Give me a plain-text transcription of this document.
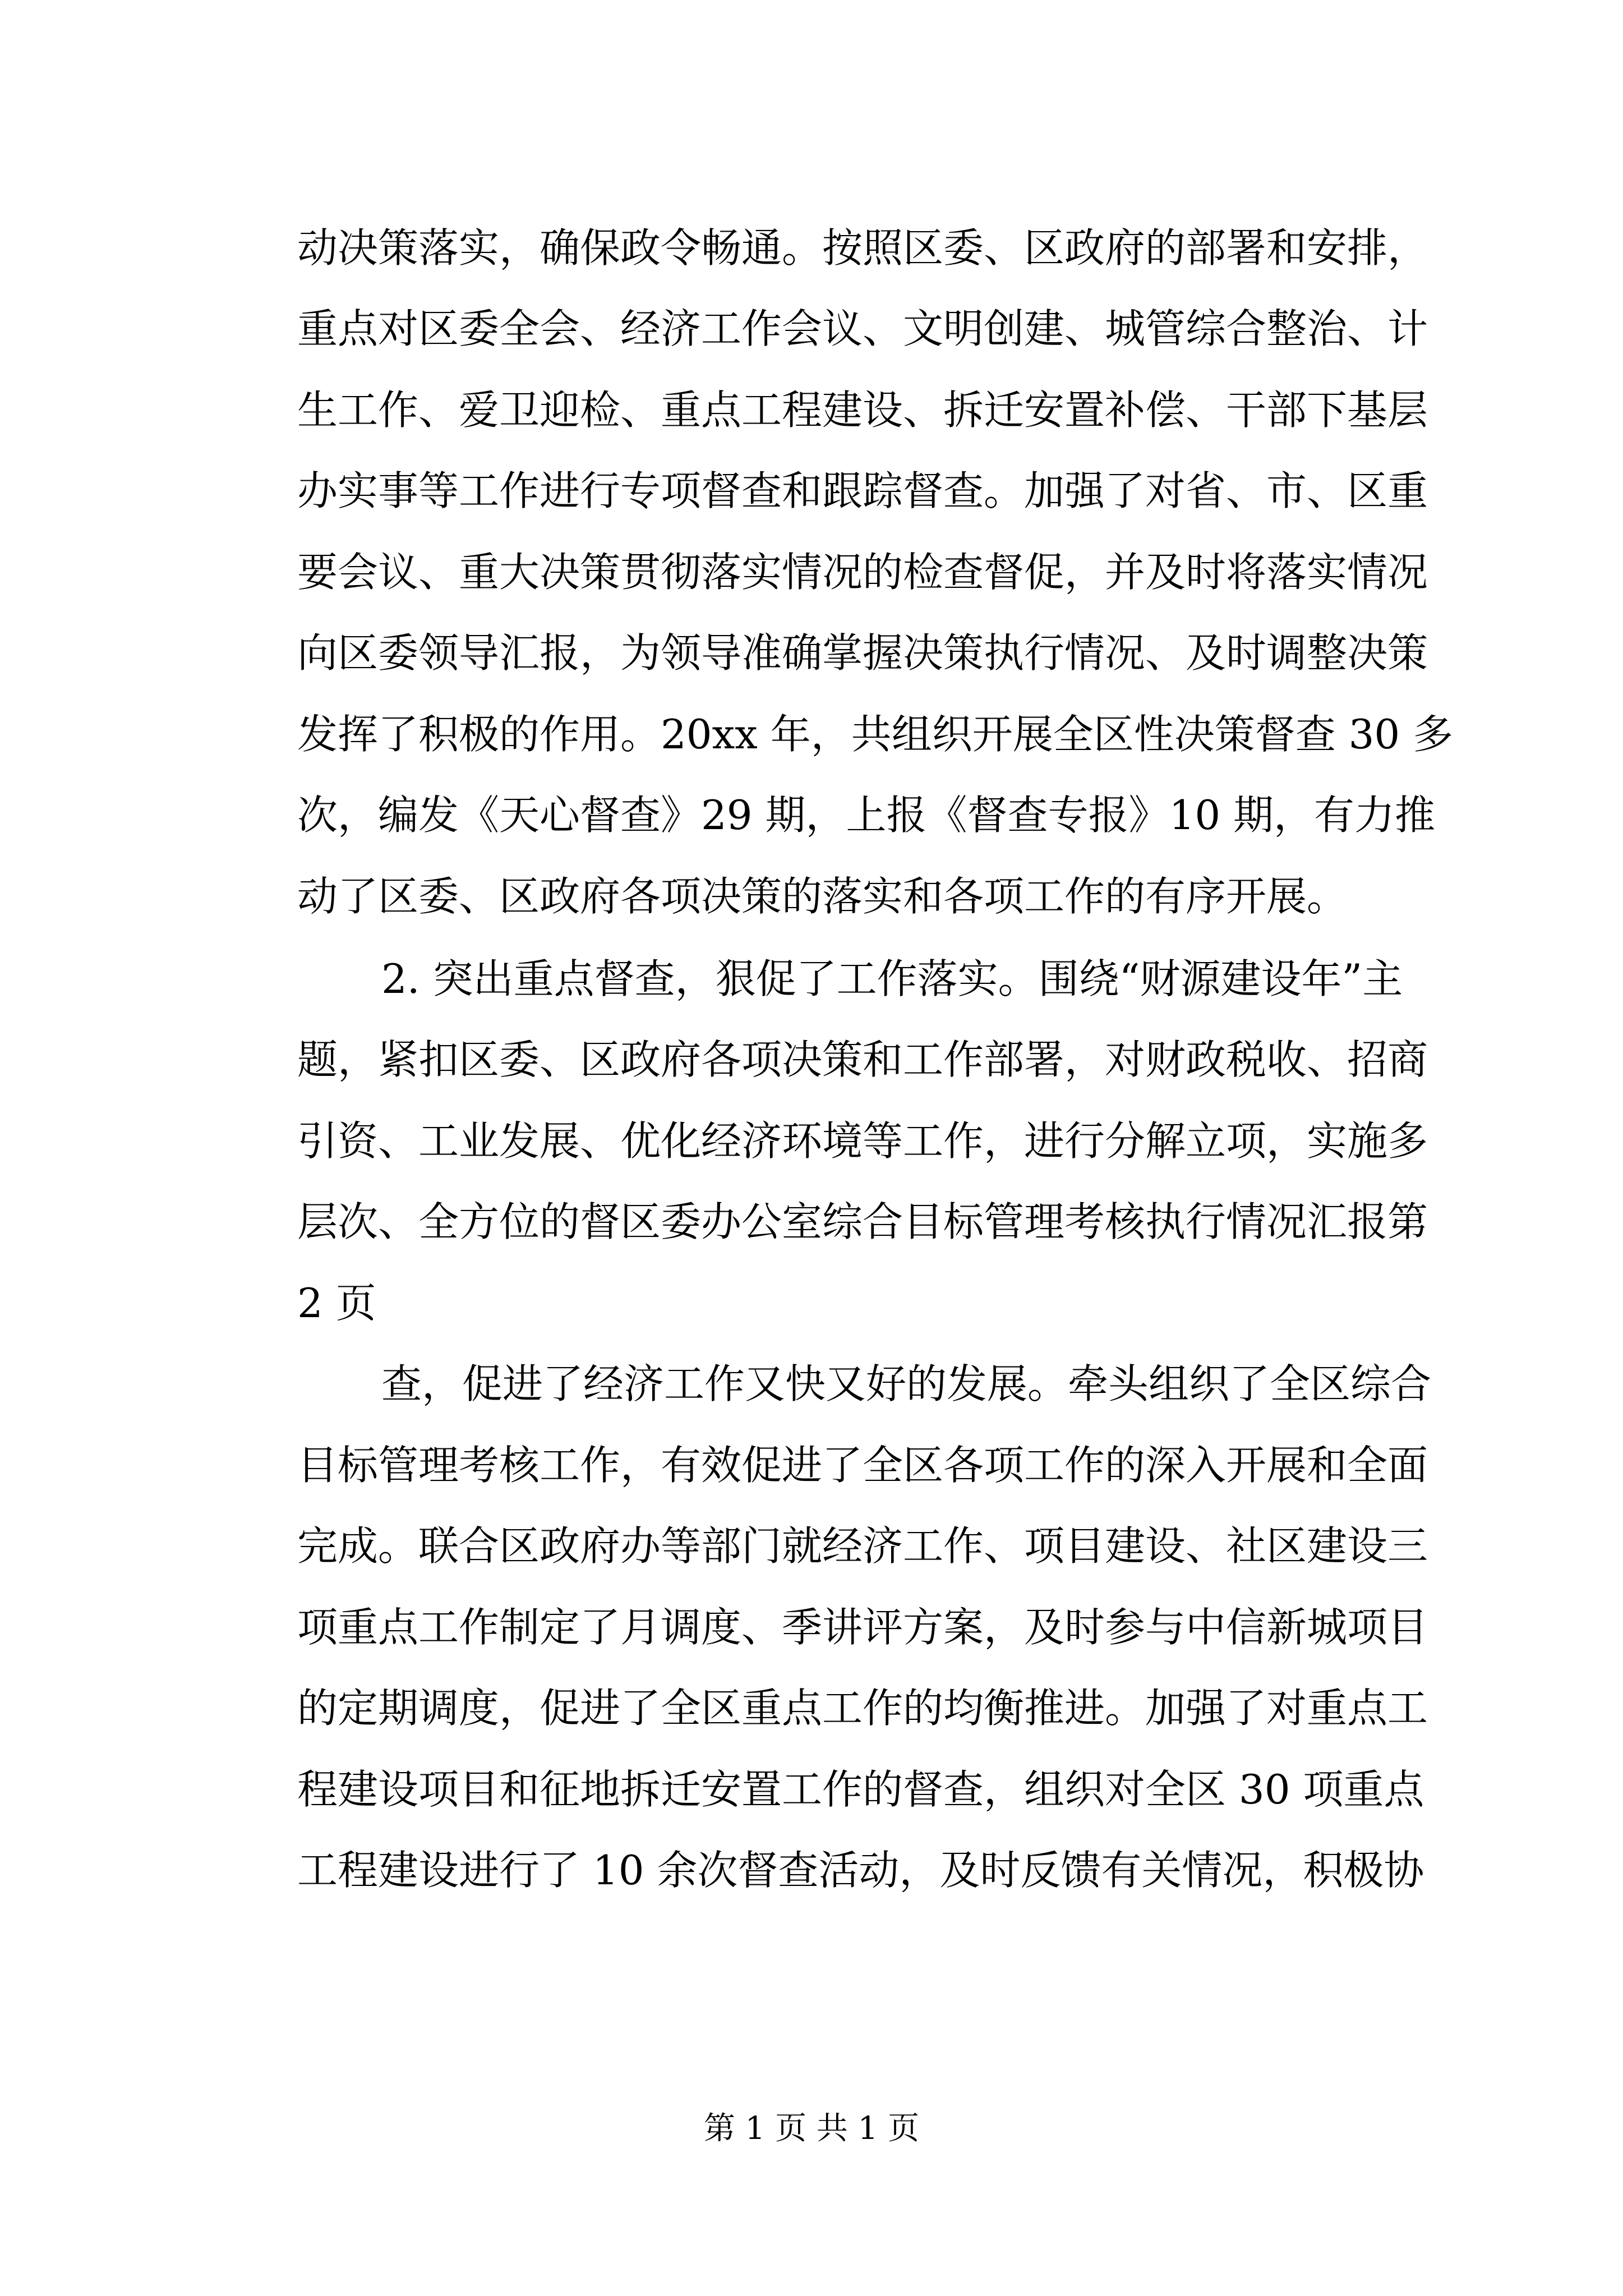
动决策落实，确保政令畅通。按照区委、区政府的部署和安排，
重点对区委全会、经济工作会议、文明创建、城管综合整治、计
生工作、爱卫迎检、重点工程建设、拆迁安置补偿、干部下基层
办实事等工作进行专项督查和跟踪督查。加强了对省、市、区重
要会议、重大决策贯彻落实情况的检查督促，并及时将落实情况
向区委领导汇报，为领导准确掌握决策执行情况、及时调整决策
发挥了积极的作用。20xx 年，共组织开展全区性决策督查 30 多
次，编发《天心督查》29 期，上报《督查专报》10 期，有力推
动了区委、区政府各项决策的落实和各项工作的有序开展。
2. 突出重点督查，狠促了工作落实。围绕“财源建设年”主
题，紧扣区委、区政府各项决策和工作部署，对财政税收、招商
引资、工业发展、优化经济环境等工作，进行分解立项，实施多
层次、全方位的督区委办公室综合目标管理考核执行情况汇报第
2 页
查，促进了经济工作又快又好的发展。牵头组织了全区综合
目标管理考核工作，有效促进了全区各项工作的深入开展和全面
完成。联合区政府办等部门就经济工作、项目建设、社区建设三
项重点工作制定了月调度、季讲评方案，及时参与中信新城项目
的定期调度，促进了全区重点工作的均衡推进。加强了对重点工
程建设项目和征地拆迁安置工作的督查，组织对全区 30 项重点
工程建设进行了 10 余次督查活动，及时反馈有关情况，积极协
第 1 页 共 1 页
